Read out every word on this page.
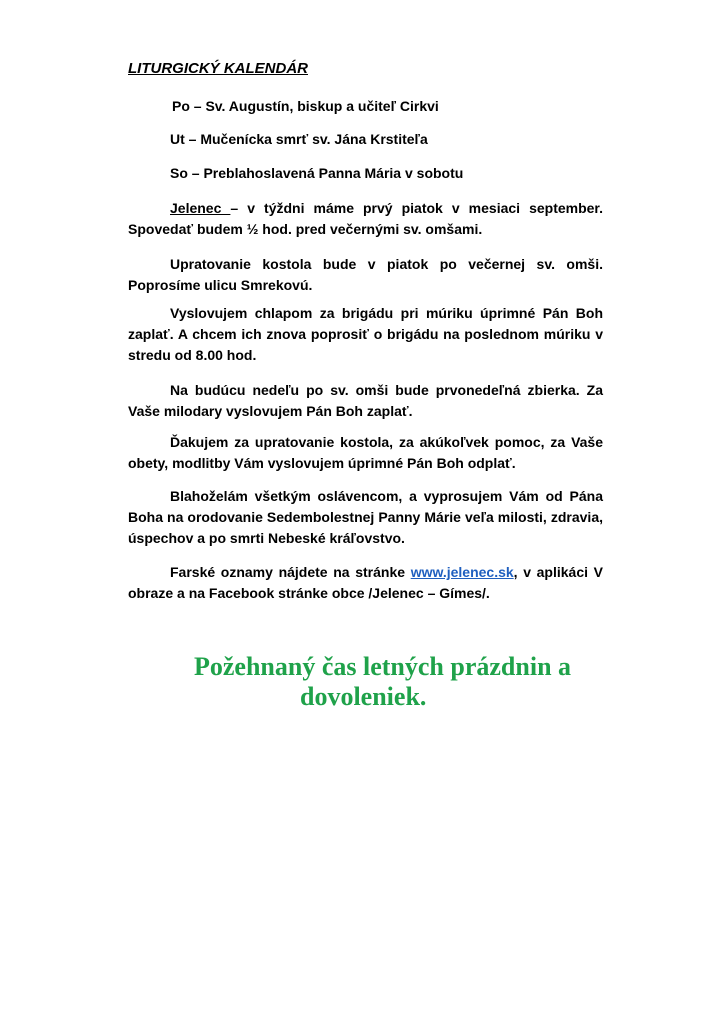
LITURGICKÝ KALENDÁR

Po – Sv. Augustín, biskup a učiteľ Cirkvi

Ut – Mučenícka smrť sv. Jána Krstiteľa

So – Preblahoslavená Panna Mária v sobotu

Jelenec – v týždni máme prvý piatok v mesiaci september. Spovedať budem ½ hod. pred večernými sv. omšami.

Upratovanie kostola bude v piatok po večernej sv. omši. Poprosíme ulicu Smrekovú.

Vyslovujem chlapom za brigádu pri múriku úprimné Pán Boh zaplať. A chcem ich znova poprosiť o brigádu na poslednom múriku v stredu od 8.00 hod.

Na budúcu nedeľu po sv. omši bude prvonedeľná zbierka. Za Vaše milodary vyslovujem Pán Boh zaplať.

Ďakujem za upratovanie kostola, za akúkoľvek pomoc, za Vaše obety, modlitby Vám vyslovujem úprimné Pán Boh odplať.

Blahoželám všetkým oslávencom, a vyprosujem Vám od Pána Boha na orodovanie Sedembolestnej Panny Márie veľa milosti, zdravia, úspechov a po smrti Nebeské kráľovstvo.

Farské oznamy nájdete na stránke www.jelenec.sk, v aplikáci V obraze a na Facebook stránke obce /Jelenec – Gímes/.

Požehnaný čas letných prázdnin a
dovoleniek.
